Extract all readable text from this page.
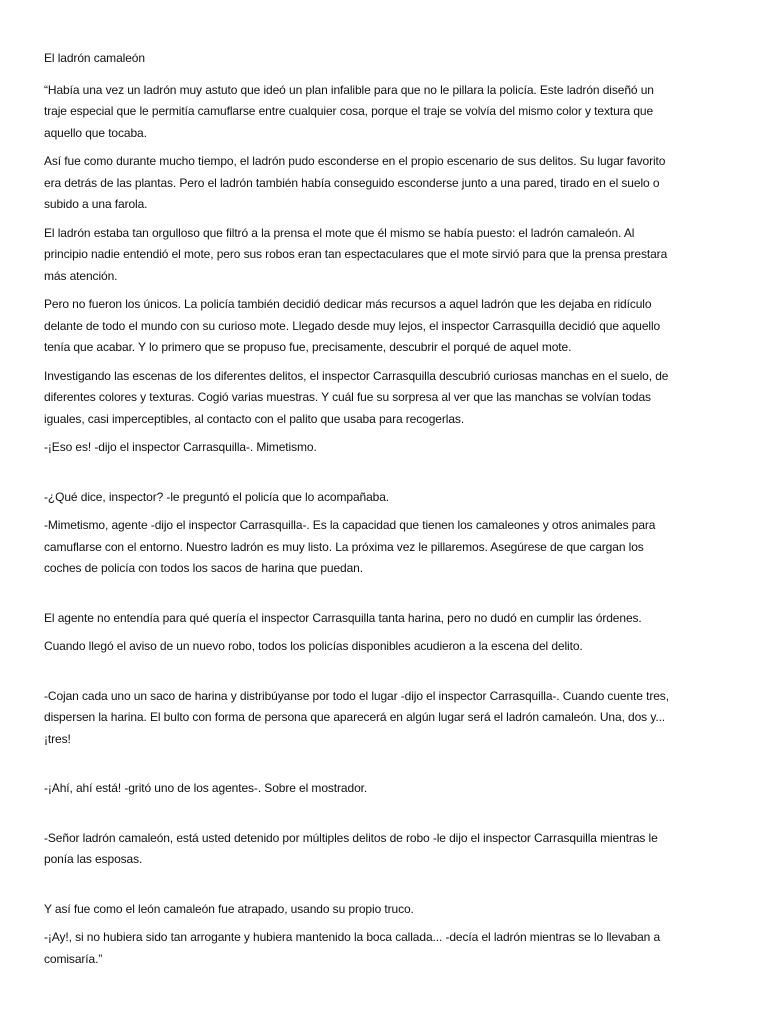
El ladrón camaleón

“Había una vez un ladrón muy astuto que ideó un plan infalible para que no le pillara la policía. Este ladrón diseñó un

traje especial que le permitía camuflarse entre cualquier cosa, porque el traje se volvía del mismo color y textura que

aquello que tocaba.

Así fue como durante mucho tiempo, el ladrón pudo esconderse en el propio escenario de sus delitos. Su lugar favorito

era detrás de las plantas. Pero el ladrón también había conseguido esconderse junto a una pared, tirado en el suelo o

subido a una farola.

El ladrón estaba tan orgulloso que filtró a la prensa el mote que él mismo se había puesto: el ladrón camaleón. Al

principio nadie entendió el mote, pero sus robos eran tan espectaculares que el mote sirvió para que la prensa prestara

más atención.

Pero no fueron los únicos. La policía también decidió dedicar más recursos a aquel ladrón que les dejaba en ridículo

delante de todo el mundo con su curioso mote. Llegado desde muy lejos, el inspector Carrasquilla decidió que aquello

tenía que acabar. Y lo primero que se propuso fue, precisamente, descubrir el porqué de aquel mote.

Investigando las escenas de los diferentes delitos, el inspector Carrasquilla descubrió curiosas manchas en el suelo, de

diferentes colores y texturas. Cogió varias muestras. Y cuál fue su sorpresa al ver que las manchas se volvían todas

iguales, casi imperceptibles, al contacto con el palito que usaba para recogerlas.

-¡Eso es! -dijo el inspector Carrasquilla-. Mimetismo.

-¿Qué dice, inspector? -le preguntó el policía que lo acompañaba.

-Mimetismo, agente -dijo el inspector Carrasquilla-. Es la capacidad que tienen los camaleones y otros animales para

camuflarse con el entorno. Nuestro ladrón es muy listo. La próxima vez le pillaremos. Asegúrese de que cargan los

coches de policía con todos los sacos de harina que puedan.

El agente no entendía para qué quería el inspector Carrasquilla tanta harina, pero no dudó en cumplir las órdenes.

Cuando llegó el aviso de un nuevo robo, todos los policías disponibles acudieron a la escena del delito.

-Cojan cada uno un saco de harina y distribúyanse por todo el lugar -dijo el inspector Carrasquilla-. Cuando cuente tres,

dispersen la harina. El bulto con forma de persona que aparecerá en algún lugar será el ladrón camaleón. Una, dos y...

¡tres!

-¡Ahí, ahí está! -gritó uno de los agentes-. Sobre el mostrador.

-Señor ladrón camaleón, está usted detenido por múltiples delitos de robo -le dijo el inspector Carrasquilla mientras le

ponía las esposas.

Y así fue como el león camaleón fue atrapado, usando su propio truco.

-¡Ay!, si no hubiera sido tan arrogante y hubiera mantenido la boca callada... -decía el ladrón mientras se lo llevaban a

comisaría.”
